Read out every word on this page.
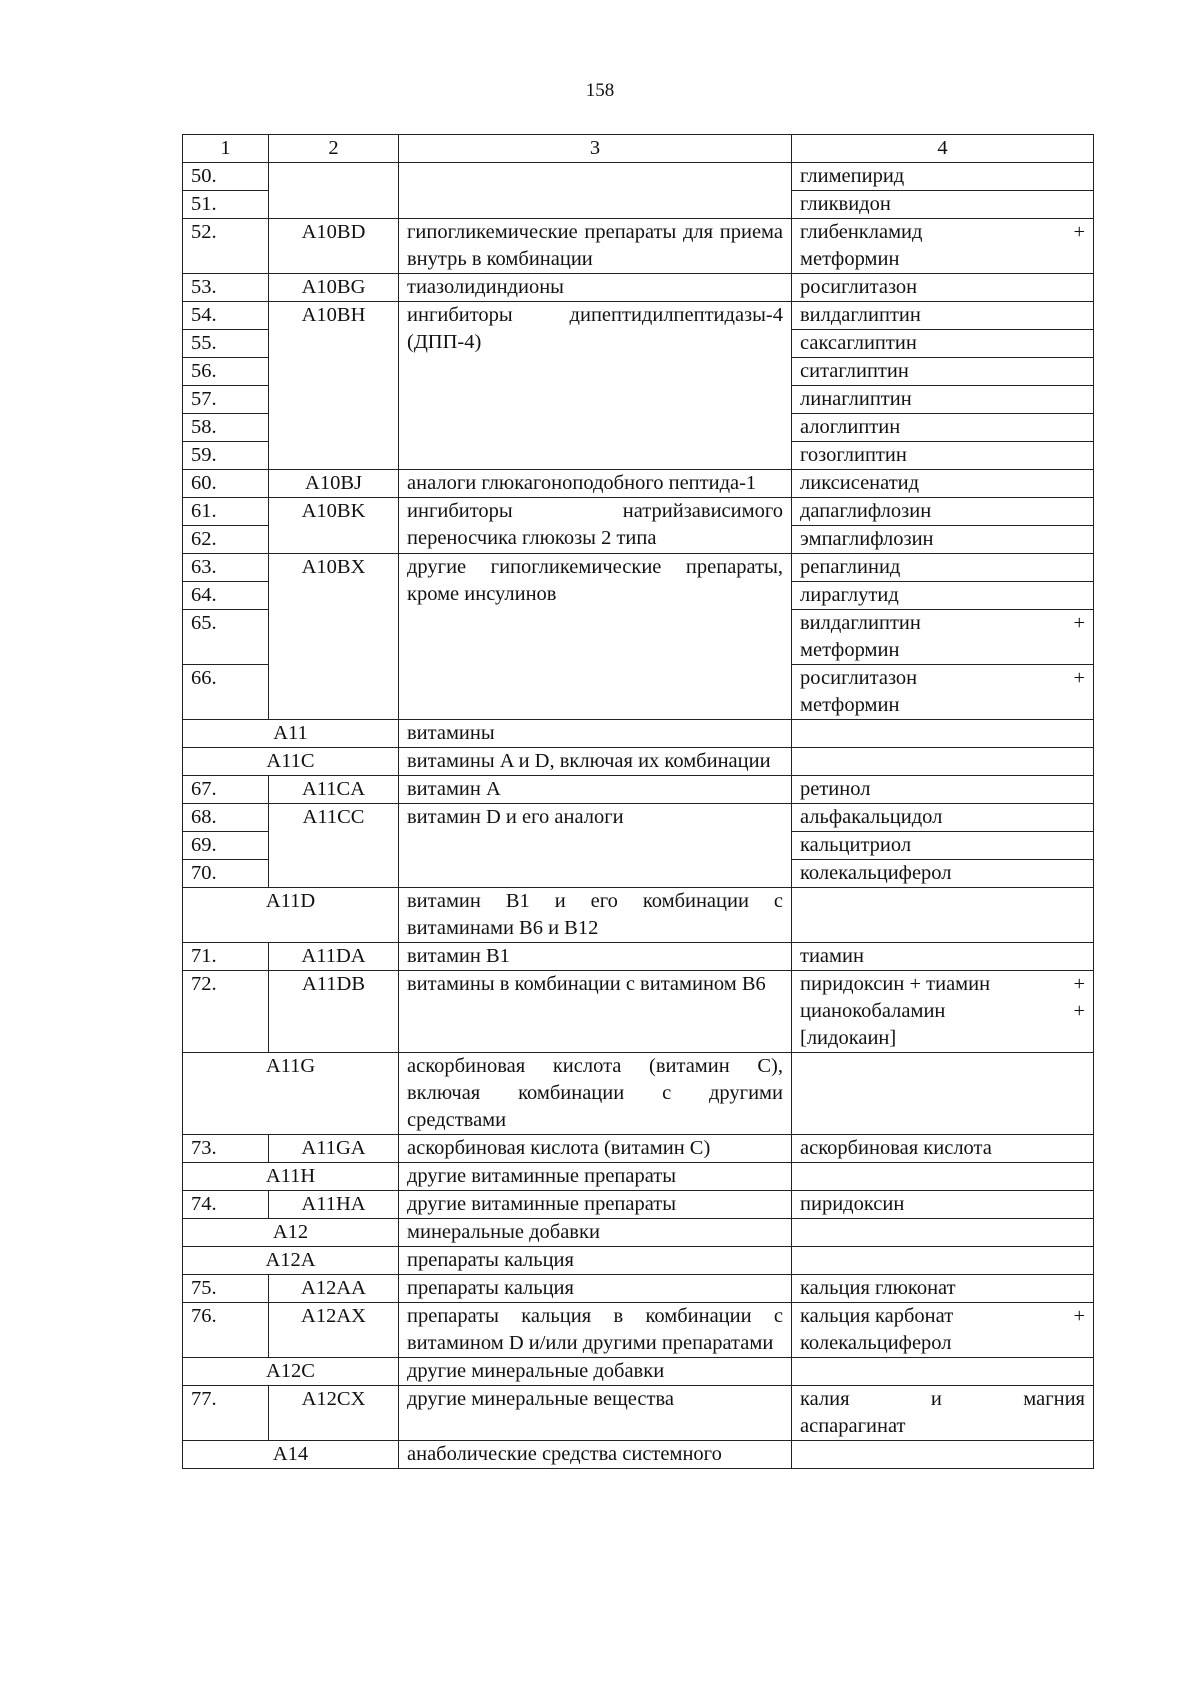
158
1	2	3	4
50.			глимепирид
51.			гликвидон
52.	A10BD	гипогликемические препараты для приема внутрь в комбинации	глибенкламид +
метформин

53.	A10BG	тиазолидиндионы	росиглитазон
54.	A10BH	ингибиторы дипептидилпептидазы-4 (ДПП-4)	вилдаглиптин
55.			саксаглиптин
56.			ситаглиптин
57.			линаглиптин
58.			алоглиптин
59.			гозоглиптин
60.	A10BJ	аналоги глюкагоноподобного пептида-1	ликсисенатид
61.	A10BK	ингибиторы натрийзависимого переносчика глюкозы 2 типа	дапаглифлозин
62.			эмпаглифлозин
63.	A10BX	другие гипогликемические препараты, кроме инсулинов	репаглинид
64.			лираглутид
65.			вилдаглиптин +
метформин

66.			росиглитазон +
метформин

A11		витамины	
A11C		витамины A и D, включая их комбинации	
67.	A11CA	витамин A	ретинол
68.	A11CC	витамин D и его аналоги	альфакальцидол
69.			кальцитриол
70.			колекальциферол
A11D		витамин B1 и его комбинации с витаминами B6 и B12	
71.	A11DA	витамин B1	тиамин
72.	A11DB	витамины в комбинации с витамином B6	пиридоксин + тиамин +
цианокобаламин +
[лидокаин]

A11G		аскорбиновая кислота (витамин C), включая комбинации с другими средствами	
73.	A11GA	аскорбиновая кислота (витамин C)	аскорбиновая кислота
A11H		другие витаминные препараты	
74.	A11HA	другие витаминные препараты	пиридоксин
A12		минеральные добавки	
A12A		препараты кальция	
75.	A12AA	препараты кальция	кальция глюконат
76.	A12AX	препараты кальция в комбинации с витамином D и/или другими препаратами	кальция карбонат +
колекальциферол

A12C		другие минеральные добавки	
77.	A12CX	другие минеральные вещества	калия и магния
аспарагинат

A14		анаболические средства системного	
